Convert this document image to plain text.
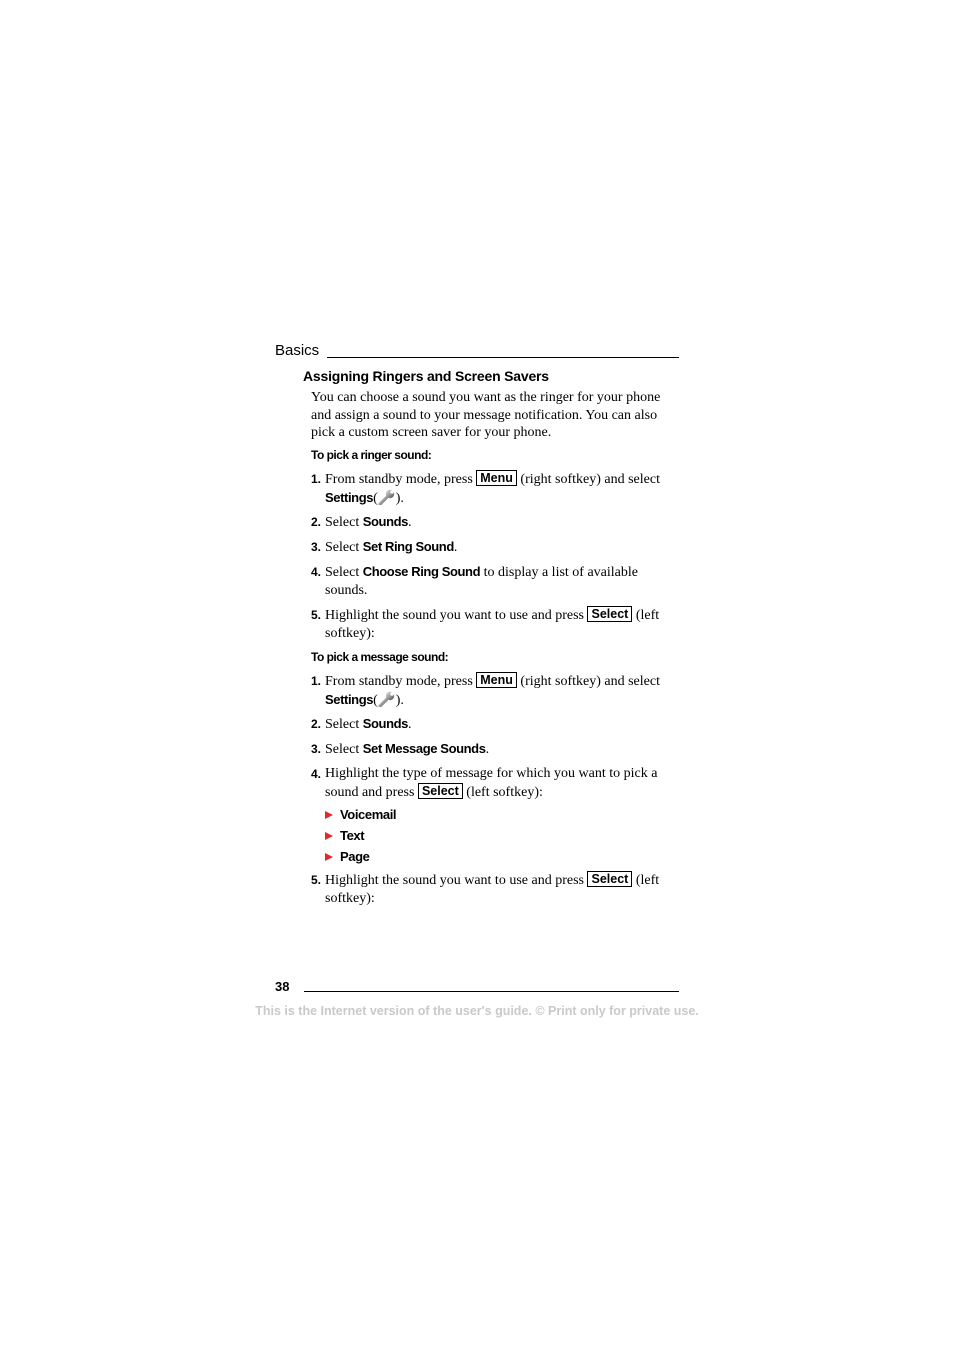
Basics
Assigning Ringers and Screen Savers
You can choose a sound you want as the ringer for your phone and assign a sound to your message notification. You can also pick a custom screen saver for your phone.
To pick a ringer sound:
1. From standby mode, press Menu (right softkey) and select Settings( ).
2. Select Sounds.
3. Select Set Ring Sound.
4. Select Choose Ring Sound to display a list of available sounds.
5. Highlight the sound you want to use and press Select (left softkey):
To pick a message sound:
1. From standby mode, press Menu (right softkey) and select Settings( ).
2. Select Sounds.
3. Select Set Message Sounds.
4. Highlight the type of message for which you want to pick a sound and press Select (left softkey):
Voicemail
Text
Page
5. Highlight the sound you want to use and press Select (left softkey):
38
This is the Internet version of the user's guide. © Print only for private use.
